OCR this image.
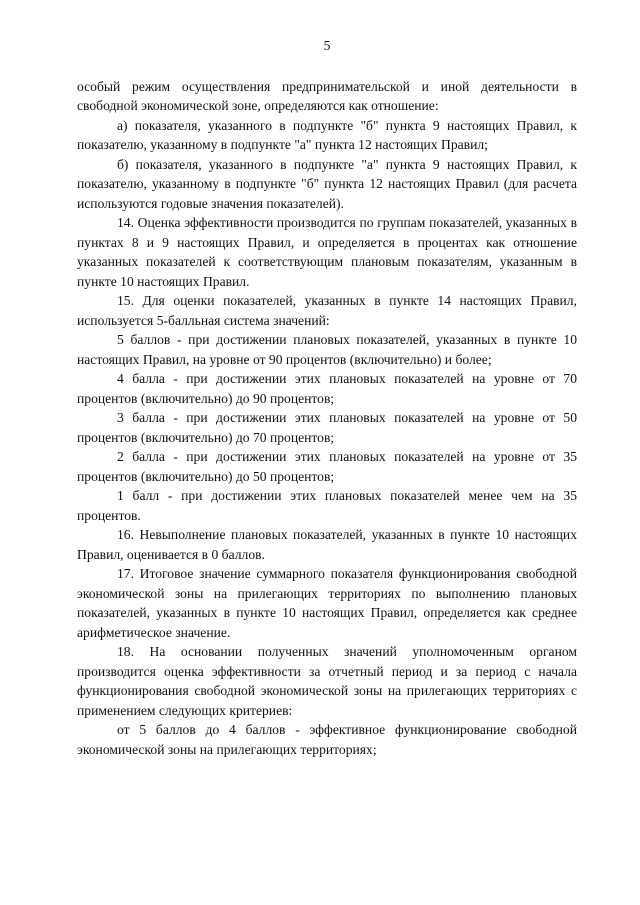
5

особый режим осуществления предпринимательской и иной деятельности в свободной экономической зоне, определяются как отношение:

а) показателя, указанного в подпункте "б" пункта 9 настоящих Правил, к показателю, указанному в подпункте "а" пункта 12 настоящих Правил;

б) показателя, указанного в подпункте "а" пункта 9 настоящих Правил, к показателю, указанному в подпункте "б" пункта 12 настоящих Правил (для расчета используются годовые значения показателей).

14. Оценка эффективности производится по группам показателей, указанных в пунктах 8 и 9 настоящих Правил, и определяется в процентах как отношение указанных показателей к соответствующим плановым показателям, указанным в пункте 10 настоящих Правил.

15. Для оценки показателей, указанных в пункте 14 настоящих Правил, используется 5-балльная система значений:

5 баллов - при достижении плановых показателей, указанных в пункте 10 настоящих Правил, на уровне от 90 процентов (включительно) и более;

4 балла - при достижении этих плановых показателей на уровне от 70 процентов (включительно) до 90 процентов;

3 балла - при достижении этих плановых показателей на уровне от 50 процентов (включительно) до 70 процентов;

2 балла - при достижении этих плановых показателей на уровне от 35 процентов (включительно) до 50 процентов;

1 балл - при достижении этих плановых показателей менее чем на 35 процентов.

16. Невыполнение плановых показателей, указанных в пункте 10 настоящих Правил, оценивается в 0 баллов.

17. Итоговое значение суммарного показателя функционирования свободной экономической зоны на прилегающих территориях по выполнению плановых показателей, указанных в пункте 10 настоящих Правил, определяется как среднее арифметическое значение.

18. На основании полученных значений уполномоченным органом производится оценка эффективности за отчетный период и за период с начала функционирования свободной экономической зоны на прилегающих территориях с применением следующих критериев:

от 5 баллов до 4 баллов - эффективное функционирование свободной экономической зоны на прилегающих территориях;
